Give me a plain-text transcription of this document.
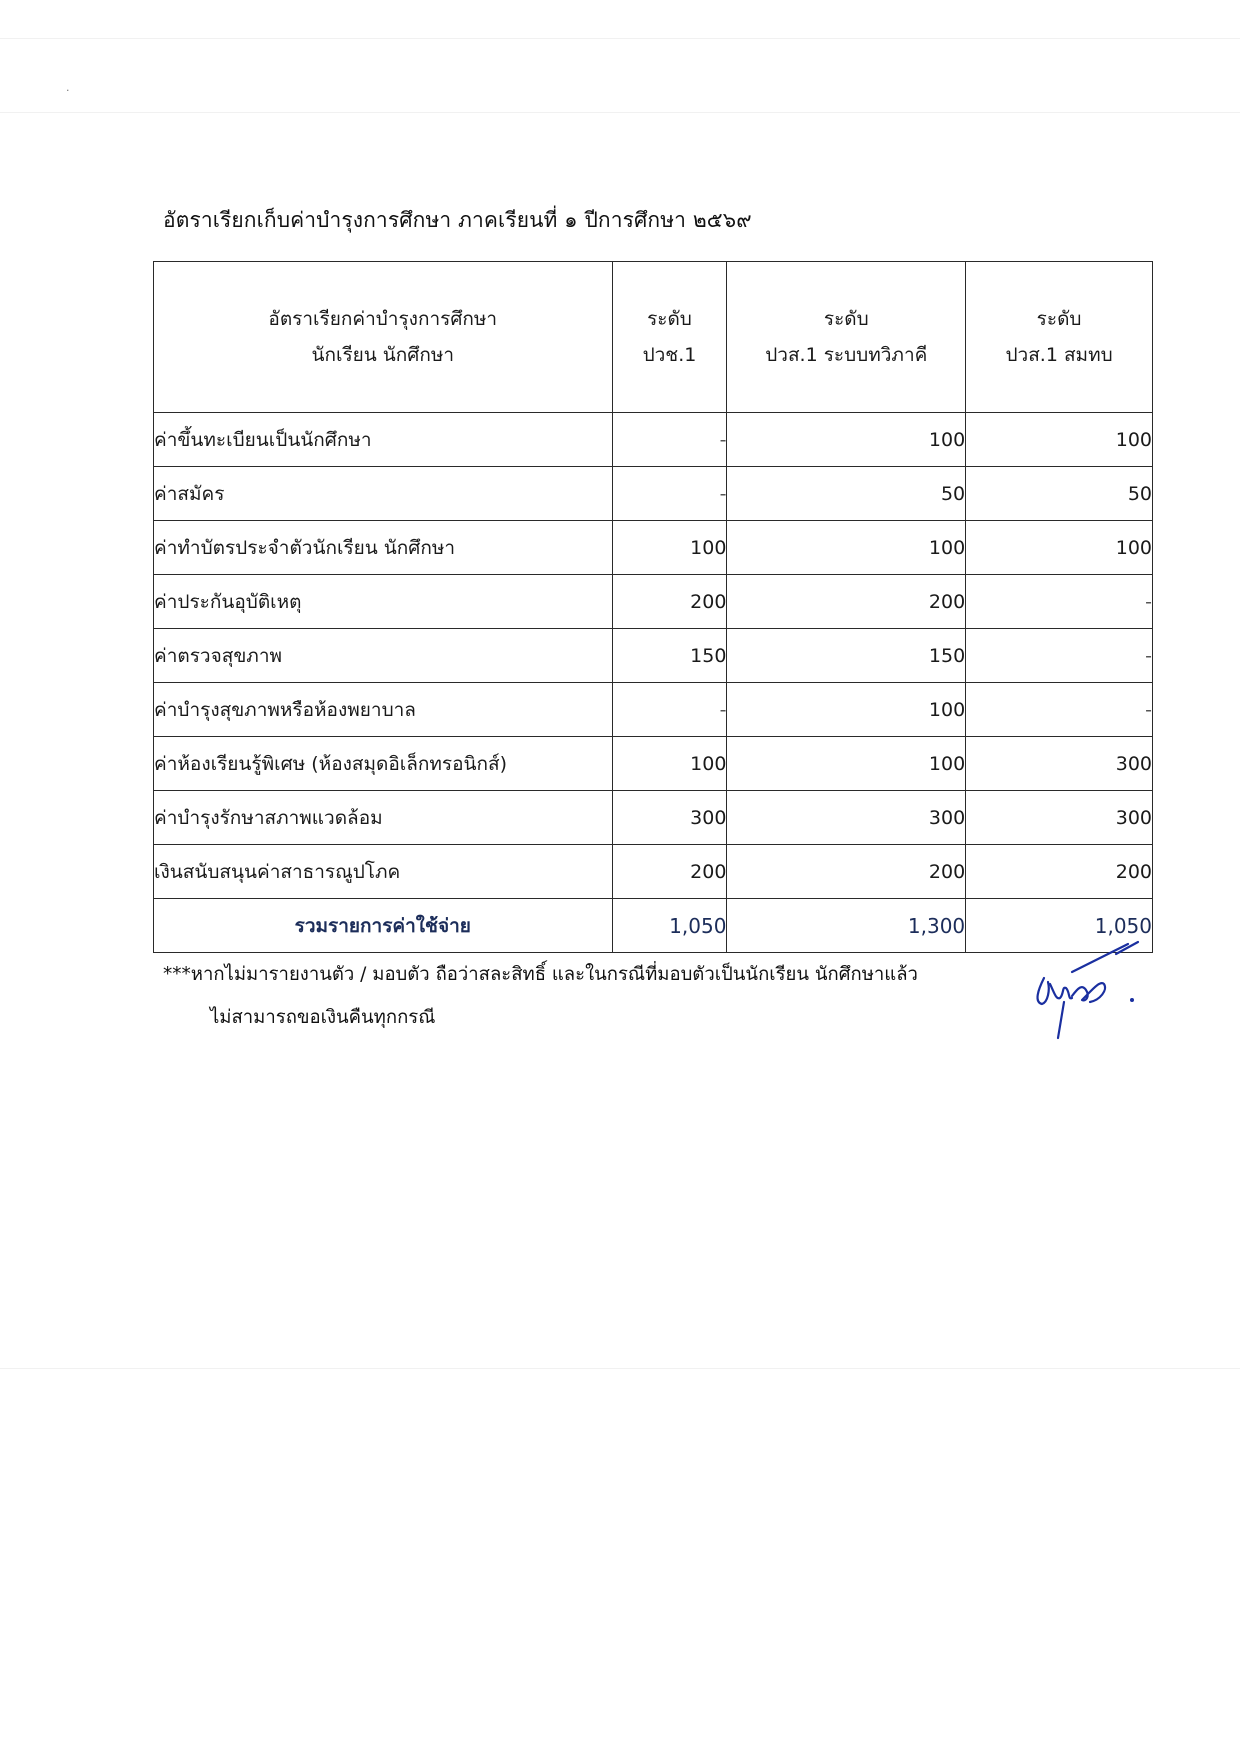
·
อัตราเรียกเก็บค่าบำรุงการศึกษา ภาคเรียนที่ ๑ ปีการศึกษา ๒๕๖๙
อัตราเรียกค่าบำรุงการศึกษา
นักเรียน นักศึกษา

ระดับ
ปวช.1

ระดับ
ปวส.1 ระบบทวิภาคี

ระดับ
ปวส.1 สมทบ

ค่าขึ้นทะเบียนเป็นนักศึกษา	-	100	100
ค่าสมัคร	-	50	50
ค่าทำบัตรประจำตัวนักเรียน นักศึกษา	100	100	100
ค่าประกันอุบัติเหตุ	200	200	-
ค่าตรวจสุขภาพ	150	150	-
ค่าบำรุงสุขภาพหรือห้องพยาบาล	-	100	-
ค่าห้องเรียนรู้พิเศษ (ห้องสมุดอิเล็กทรอนิกส์)	100	100	300
ค่าบำรุงรักษาสภาพแวดล้อม	300	300	300
เงินสนับสนุนค่าสาธารณูปโภค	200	200	200
รวมรายการค่าใช้จ่าย	1,050	1,300	1,050
***หากไม่มารายงานตัว / มอบตัว ถือว่าสละสิทธิ์ และในกรณีที่มอบตัวเป็นนักเรียน นักศึกษาแล้ว
ไม่สามารถขอเงินคืนทุกกรณี
